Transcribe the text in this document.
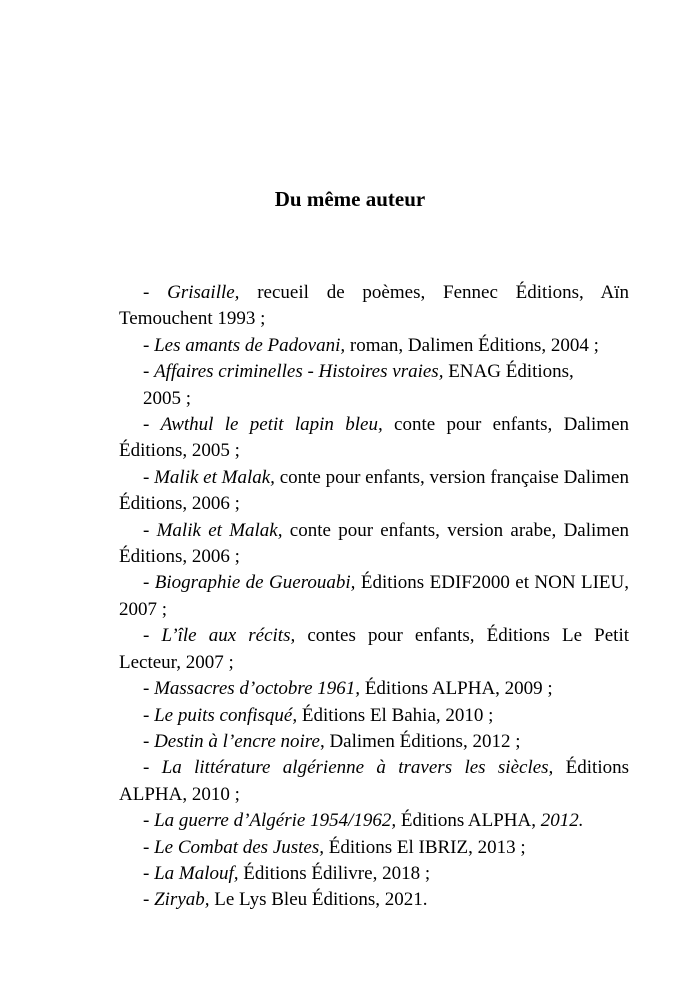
Du même auteur

- Grisaille, recueil de poèmes, Fennec Éditions, Aïn Temouchent 1993 ;

- Les amants de Padovani, roman, Dalimen Éditions, 2004 ;

- Affaires criminelles - Histoires vraies, ENAG Éditions,
2005 ;

- Awthul le petit lapin bleu, conte pour enfants, Dalimen Éditions, 2005 ;

- Malik et Malak, conte pour enfants, version française Dalimen Éditions, 2006 ;

- Malik et Malak, conte pour enfants, version arabe, Dalimen Éditions, 2006 ;

- Biographie de Guerouabi, Éditions EDIF2000 et NON LIEU, 2007 ;

- L’île aux récits, contes pour enfants, Éditions Le Petit Lecteur, 2007 ;

- Massacres d’octobre 1961, Éditions ALPHA, 2009 ;

- Le puits confisqué, Éditions El Bahia, 2010 ;

- Destin à l’encre noire, Dalimen Éditions, 2012 ;

- La littérature algérienne à travers les siècles, Éditions ALPHA, 2010 ;

- La guerre d’Algérie 1954/1962, Éditions ALPHA, 2012.

- Le Combat des Justes, Éditions El IBRIZ, 2013 ;

- La Malouf, Éditions Édilivre, 2018 ;

- Ziryab, Le Lys Bleu Éditions, 2021.
